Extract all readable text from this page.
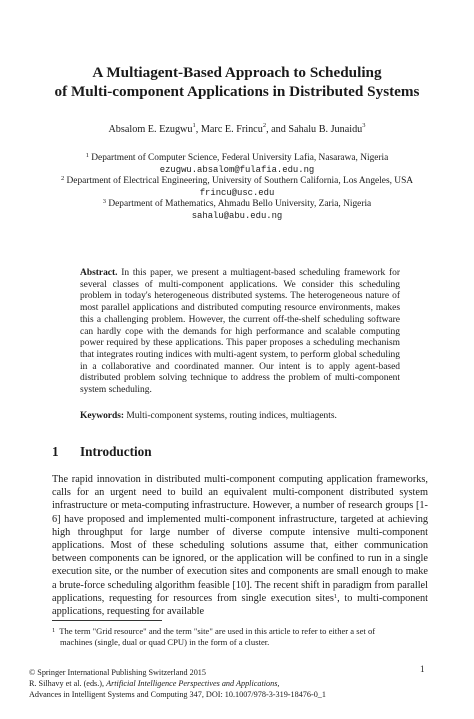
A Multiagent-Based Approach to Scheduling
of Multi-component Applications in Distributed Systems
Absalom E. Ezugwu$^1$, Marc E. Frincu$^2$, and Sahalu B. Junaidu$^3$
$^1$ Department of Computer Science, Federal University Lafia, Nasarawa, Nigeria
ezugwu.absalom@fulafia.edu.ng
$^2$ Department of Electrical Engineering, University of Southern California, Los Angeles, USA
frincu@usc.edu
$^3$ Department of Mathematics, Ahmadu Bello University, Zaria, Nigeria
sahalu@abu.edu.ng
Abstract. In this paper, we present a multiagent-based scheduling framework for several classes of multi-component applications. We consider this scheduling problem in today's heterogeneous distributed systems. The heterogeneous nature of most parallel applications and distributed computing resource environments, makes this a challenging problem. However, the current off-the-shelf scheduling software can hardly cope with the demands for high performance and scalable computing power required by these applications. This paper proposes a scheduling mechanism that integrates routing indices with multi-agent system, to perform global scheduling in a collaborative and coordinated manner. Our intent is to apply agent-based distributed problem solving technique to address the problem of multi-component system scheduling.
Keywords: Multi-component systems, routing indices, multiagents.
1 Introduction
The rapid innovation in distributed multi-component computing application frameworks, calls for an urgent need to build an equivalent multi-component distributed system infrastructure or meta-computing infrastructure. However, a number of research groups [1-6] have proposed and implemented multi-component infrastructure, targeted at achieving high throughput for large number of diverse compute intensive multi-component applications. Most of these scheduling solutions assume that, either communication between components can be ignored, or the application will be confined to run in a single execution site, or the number of execution sites and components are small enough to make a brute-force scheduling algorithm feasible [10]. The recent shift in paradigm from parallel applications, requesting for resources from single execution sites$^1$, to multi-component applications, requesting for available
$^1$ The term "Grid resource" and the term "site" are used in this article to refer to either a set of
machines (single, dual or quad CPU) in the form of a cluster.
1
© Springer International Publishing Switzerland 2015
R. Silhavy et al. (eds.), Artificial Intelligence Perspectives and Applications,
Advances in Intelligent Systems and Computing 347, DOI: 10.1007/978-3-319-18476-0_1
